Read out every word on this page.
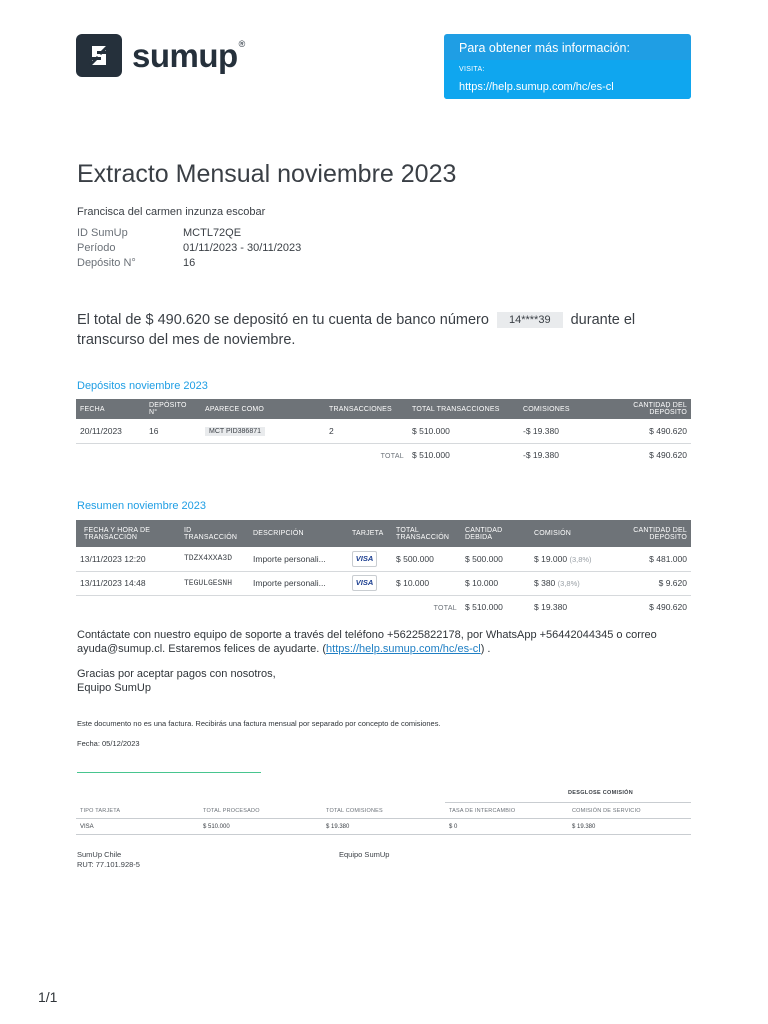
sumup ®	Para obtener más información:
VISITA:
https://help.sumup.com/hc/es-cl
Extracto Mensual noviembre 2023
Francisca del carmen inzunza escobar
ID SumUp	MCTL72QE
Período	01/11/2023 - 30/11/2023
Depósito N°	16

El total de $ 490.620 se depositó en tu cuenta de banco número 14****39 durante el transcurso del mes de noviembre.

Depósitos noviembre 2023
FECHA	DEPÓSITO N°	APARECE COMO	TRANSACCIONES	TOTAL TRANSACCIONES	COMISIONES	CANTIDAD DEL DEPÓSITO
20/11/2023	16	MCT PID386871	2	$ 510.000	-$ 19.380	$ 490.620
			TOTAL	$ 510.000	-$ 19.380	$ 490.620
Resumen noviembre 2023
FECHA Y HORA DE TRANSACCIÓN	ID TRANSACCIÓN	DESCRIPCIÓN	TARJETA	TOTAL TRANSACCIÓN	CANTIDAD DEBIDA	COMISIÓN	CANTIDAD DEL DEPÓSITO
13/11/2023 12:20	TDZX4XXA3D	Importe personali...	VISA	$ 500.000	$ 500.000	$ 19.000 (3,8%)	$ 481.000
13/11/2023 14:48	TEGULGESNH	Importe personali...	VISA	$ 10.000	$ 10.000	$ 380 (3,8%)	$ 9.620
				TOTAL	$ 510.000	$ 19.380	$ 490.620

Contáctate con nuestro equipo de soporte a través del teléfono +56225822178, por WhatsApp +56442044345 o correo ayuda@sumup.cl. Estaremos felices de ayudarte. (https://help.sumup.com/hc/es-cl) .

Gracias por aceptar pagos con nosotros,
Equipo SumUp
Este documento no es una factura. Recibirás una factura mensual por separado por concepto de comisiones.
Fecha: 05/12/2023
DESGLOSE COMISIÓN
TIPO TARJETA	TOTAL PROCESADO	TOTAL COMISIONES	TASA DE INTERCAMBIO	COMISIÓN DE SERVICIO
VISA	$ 510.000	$ 19.380	$ 0	$ 19.380
SumUp Chile
RUT: 77.101.928-5
Equipo SumUp
1/1
